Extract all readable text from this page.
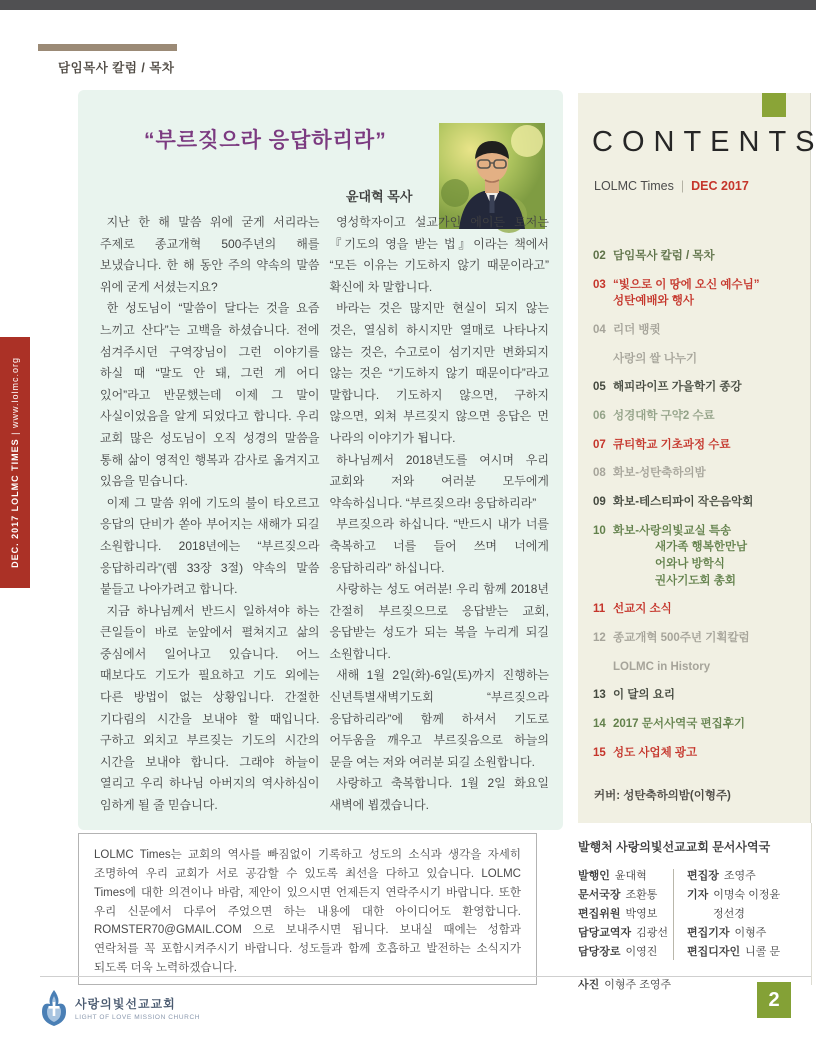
담임목사 칼럼 / 목차
DEC. 2017 LOLMC TIMES | www.lolmc.org
“부르짖으라 응답하리라”
윤대혁 목사

지난 한 해 말씀 위에 굳게 서리라는 주제로 종교개혁 500주년의 해를 보냈습니다. 한 해 동안 주의 약속의 말씀 위에 굳게 서셨는지요?

한 성도님이 “말씀이 달다는 것을 요즘 느끼고 산다”는 고백을 하셨습니다. 전에 섬겨주시던 구역장님이 그런 이야기를 하실 때 “말도 안 돼, 그런 게 어디 있어”라고 반문했는데 이제 그 말이 사실이었음을 알게 되었다고 합니다. 우리 교회 많은 성도님이 오직 성경의 말씀을 통해 삶이 영적인 행복과 감사로 옮겨지고 있음을 믿습니다.

이제 그 말씀 위에 기도의 불이 타오르고 응답의 단비가 쏟아 부어지는 새해가 되길 소원합니다. 2018년에는 “부르짖으라 응답하리라”(렘 33장 3절) 약속의 말씀 붙들고 나아가려고 합니다.

지금 하나님께서 반드시 일하셔야 하는 큰일들이 바로 눈앞에서 펼쳐지고 삶의 중심에서 일어나고 있습니다. 어느 때보다도 기도가 필요하고 기도 외에는 다른 방법이 없는 상황입니다. 간절한 기다림의 시간을 보내야 할 때입니다. 구하고 외치고 부르짖는 기도의 시간의 시간을 보내야 합니다. 그래야 하늘이 열리고 우리 하나님 아버지의 역사하심이 임하게 될 줄 믿습니다.

영성학자이고 설교가인 에이든 토저는 『기도의 영을 받는 법』이라는 책에서 “모든 이유는 기도하지 않기 때문이라고” 확신에 차 말합니다.

바라는 것은 많지만 현실이 되지 않는 것은, 열심히 하시지만 열매로 나타나지 않는 것은, 수고로이 섬기지만 변화되지 않는 것은 “기도하지 않기 때문이다”라고 말합니다. 기도하지 않으면, 구하지 않으면, 외쳐 부르짖지 않으면 응답은 먼 나라의 이야기가 됩니다.

하나님께서 2018년도를 여시며 우리 교회와 저와 여러분 모두에게 약속하십니다. “부르짖으라! 응답하리라”

부르짖으라 하십니다. “반드시 내가 너를 축복하고 너를 들어 쓰며 너에게 응답하리라” 하십니다.

사랑하는 성도 여러분! 우리 함께 2018년 간절히 부르짖으므로 응답받는 교회, 응답받는 성도가 되는 복을 누리게 되길 소원합니다.

새해 1월 2일(화)-6일(토)까지 진행하는 신년특별새벽기도회 “부르짖으라 응답하리라”에 함께 하셔서 기도로 어두움을 깨우고 부르짖음으로 하늘의 문을 여는 저와 여러분 되길 소원합니다.

사랑하고 축복합니다. 1월 2일 화요일 새벽에 뵙겠습니다.

CONTENTS
LOLMC Times | DEC 2017
02 담임목사 칼럼 / 목차
03 “빛으로 이 땅에 오신 예수님”
성탄예배와 행사
04 리더 뱅큇
사랑의 쌀 나누기
05 해피라이프 가을학기 종강
06 성경대학 구약2 수료
07 큐티학교 기초과정 수료
08 화보-성탄축하의밤
09 화보-테스티파이 작은음악회
10 화보-사랑의빛교실 특송
새가족 행복한만남
어와나 방학식
권사기도회 총회
11 선교지 소식
12 종교개혁 500주년 기획칼럼
LOLMC in History
13 이 달의 요리
14 2017 문서사역국 편집후기
15 성도 사업체 광고
커버: 성탄축하의밤(이형주)
LOLMC Times는 교회의 역사를 빠짐없이 기록하고 성도의 소식과 생각을 자세히 조명하여 우리 교회가 서로 공감할 수 있도록 최선을 다하고 있습니다. LOLMC Times에 대한 의견이나 바람, 제안이 있으시면 언제든지 연락주시기 바랍니다. 또한 우리 신문에서 다루어 주었으면 하는 내용에 대한 아이디어도 환영합니다. ROMSTER70@GMAIL.COM 으로 보내주시면 됩니다. 보내실 때에는 성함과 연락처를 꼭 포함시켜주시기 바랍니다. 성도들과 함께 호흡하고 발전하는 소식지가 되도록 더욱 노력하겠습니다.
발행처 사랑의빛선교교회 문서사역국
발행인 윤대혁
문서국장 조환통
편집위원 박영보
담당교역자 김광선
담당장로 이영진
편집장 조영주
기자 이명숙 이정윤
정선경
편집기자 이형주
편집디자인 니콜 문
사진 이형주 조영주
사랑의빛선교교회
LIGHT OF LOVE MISSION CHURCH
2
